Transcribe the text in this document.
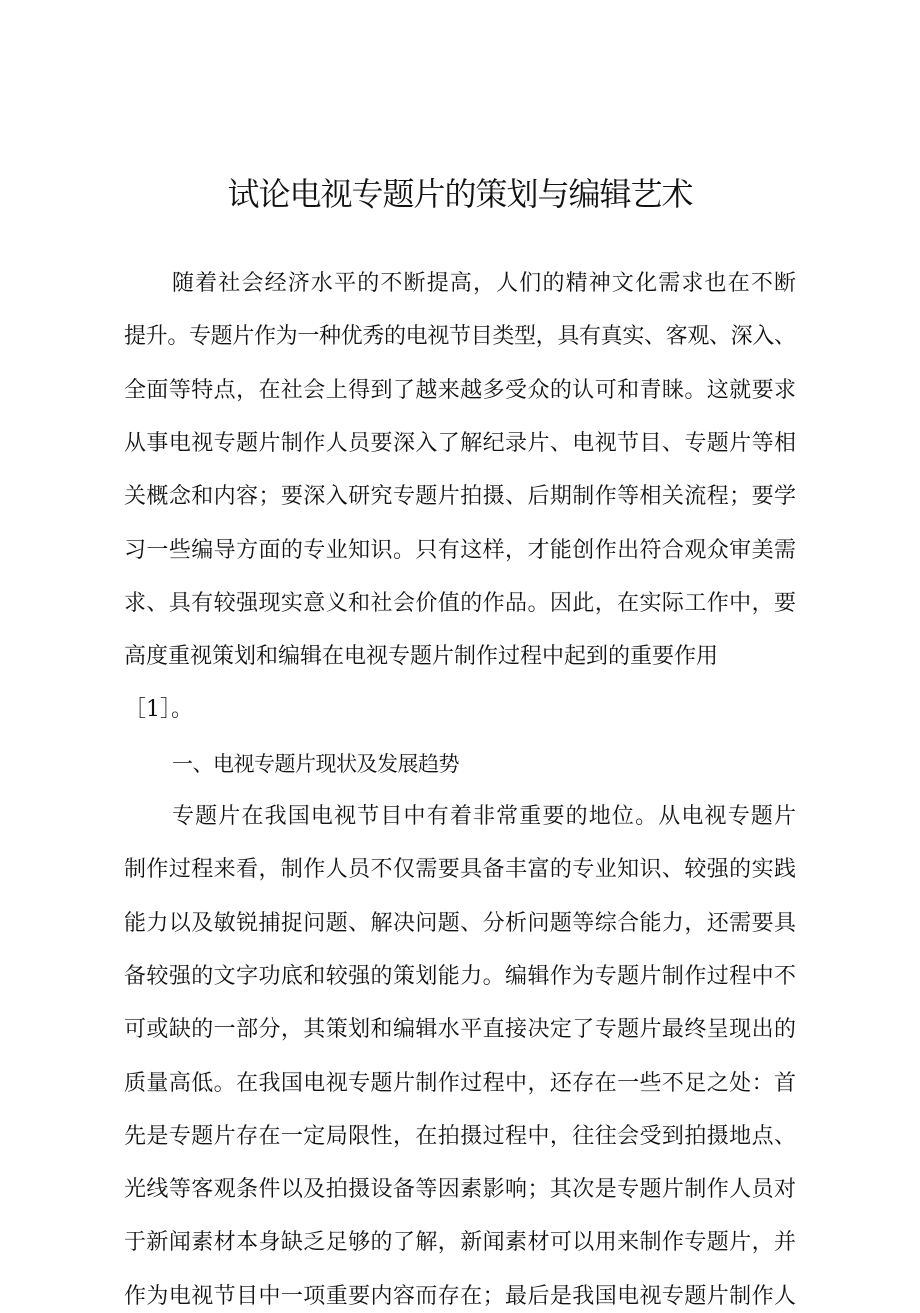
试论电视专题片的策划与编辑艺术

随着社会经济水平的不断提高，人们的精神文化需求也在不断

提升。专题片作为一种优秀的电视节目类型，具有真实、客观、深入、

全面等特点，在社会上得到了越来越多受众的认可和青睐。这就要求

从事电视专题片制作人员要深入了解纪录片、电视节目、专题片等相

关概念和内容；要深入研究专题片拍摄、后期制作等相关流程；要学

习一些编导方面的专业知识。只有这样，才能创作出符合观众审美需

求、具有较强现实意义和社会价值的作品。因此，在实际工作中，要

高度重视策划和编辑在电视专题片制作过程中起到的重要作用

［1］。

一、电视专题片现状及发展趋势

专题片在我国电视节目中有着非常重要的地位。从电视专题片

制作过程来看，制作人员不仅需要具备丰富的专业知识、较强的实践

能力以及敏锐捕捉问题、解决问题、分析问题等综合能力，还需要具

备较强的文字功底和较强的策划能力。编辑作为专题片制作过程中不

可或缺的一部分，其策划和编辑水平直接决定了专题片最终呈现出的

质量高低。在我国电视专题片制作过程中，还存在一些不足之处：首

先是专题片存在一定局限性，在拍摄过程中，往往会受到拍摄地点、

光线等客观条件以及拍摄设备等因素影响；其次是专题片制作人员对

于新闻素材本身缺乏足够的了解，新闻素材可以用来制作专题片，并

作为电视节目中一项重要内容而存在；最后是我国电视专题片制作人
